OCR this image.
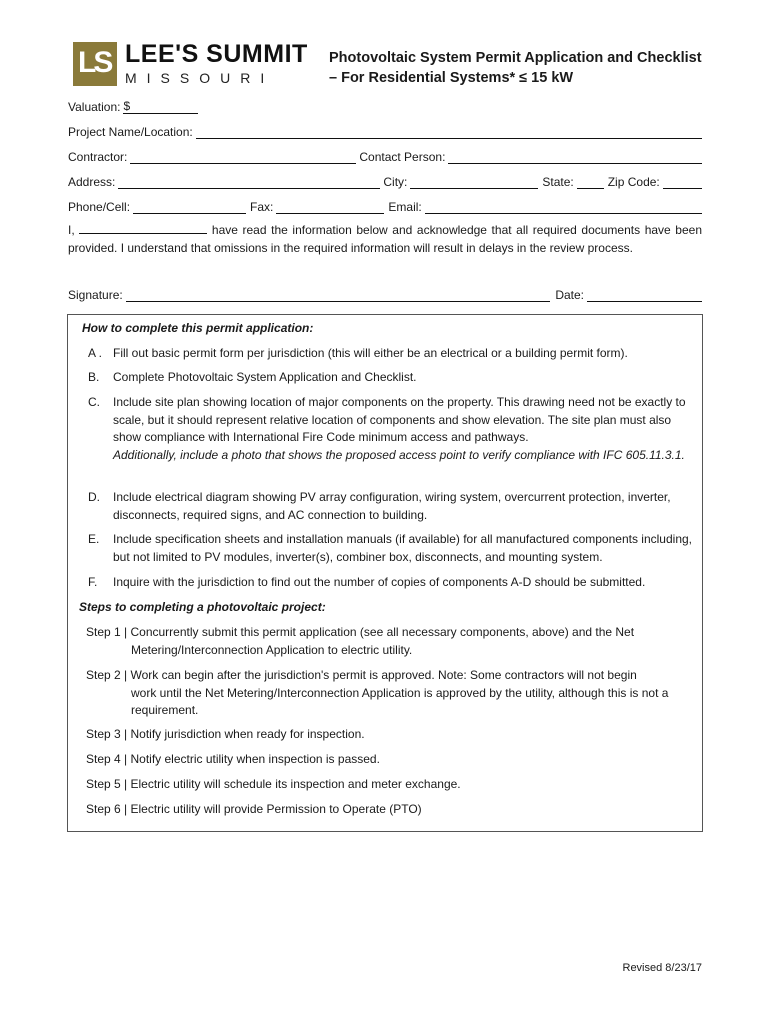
LS LEE'S SUMMIT
MISSOURI
Photovoltaic System Permit Application and Checklist
– For Residential Systems* ≤ 15 kW
Valuation: $
Project Name/Location:
Contractor:	Contact Person:
Address:	City:	State:	Zip Code:
Phone/Cell:	Fax:	Email:
I,	have read the information below and acknowledge that all required documents have been provided. I understand that omissions in the required information will result in delays in the review process.
Signature:	Date:
How to complete this permit application:
A . Fill out basic permit form per jurisdiction (this will either be an electrical or a building permit form).
B.	Complete Photovoltaic System Application and Checklist.
C.	Include site plan showing location of major components on the property. This drawing need not be exactly to scale, but it should represent relative location of components and show elevation. The site plan must also show compliance with International Fire Code minimum access and pathways.
Additionally, include a photo that shows the proposed access point to verify compliance with IFC 605.11.3.1.
D.	Include electrical diagram showing PV array configuration, wiring system, overcurrent protection, inverter, disconnects, required signs, and AC connection to building.
E.	Include specification sheets and installation manuals (if available) for all manufactured components including, but not limited to PV modules, inverter(s), combiner box, disconnects, and mounting system.
F.	Inquire with the jurisdiction to find out the number of copies of components A-D should be submitted.
Steps to completing a photovoltaic project:
Step 1 | Concurrently submit this permit application (see all necessary components, above) and the Net
Metering/Interconnection Application to electric utility.
Step 2 | Work can begin after the jurisdiction's permit is approved. Note: Some contractors will not begin
work until the Net Metering/Interconnection Application is approved by the utility, although this is not a requirement.
Step 3 | Notify jurisdiction when ready for inspection.
Step 4 | Notify electric utility when inspection is passed.
Step 5 | Electric utility will schedule its inspection and meter exchange.
Step 6 | Electric utility will provide Permission to Operate (PTO)
Revised 8/23/17
